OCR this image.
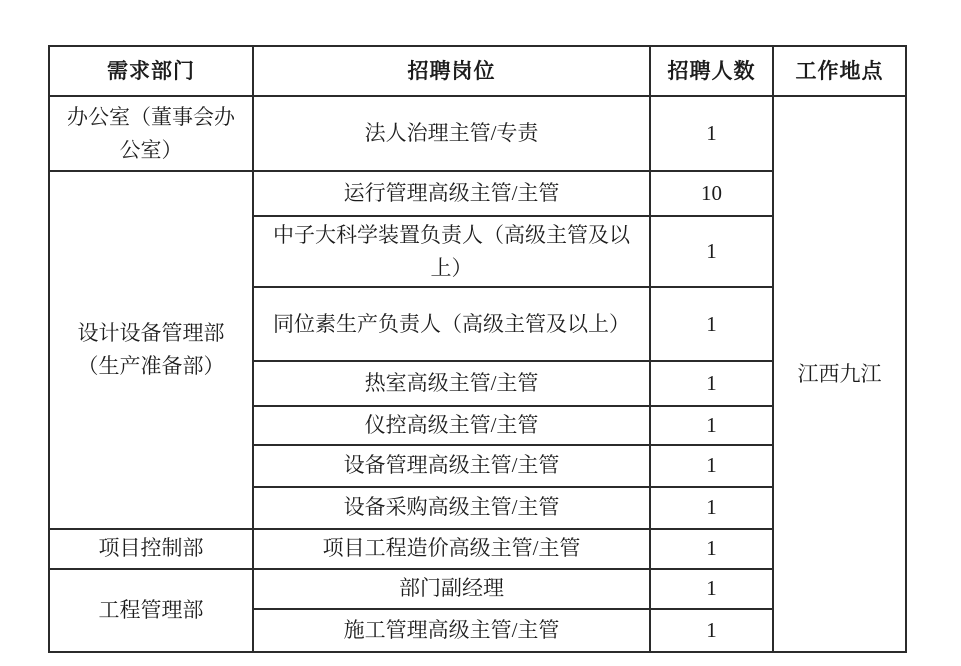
需求部门	招聘岗位	招聘人数	工作地点
办公室（董事会办公室）	法人治理主管/专责	1	江西九江
设计设备管理部（生产准备部）	运行管理高级主管/主管	10	
	中子大科学装置负责人（高级主管及以上）	1	
	同位素生产负责人（高级主管及以上）	1	
	热室高级主管/主管	1	
	仪控高级主管/主管	1	
	设备管理高级主管/主管	1	
	设备采购高级主管/主管	1	
项目控制部	项目工程造价高级主管/主管	1	
工程管理部	部门副经理	1	
	施工管理高级主管/主管	1	
